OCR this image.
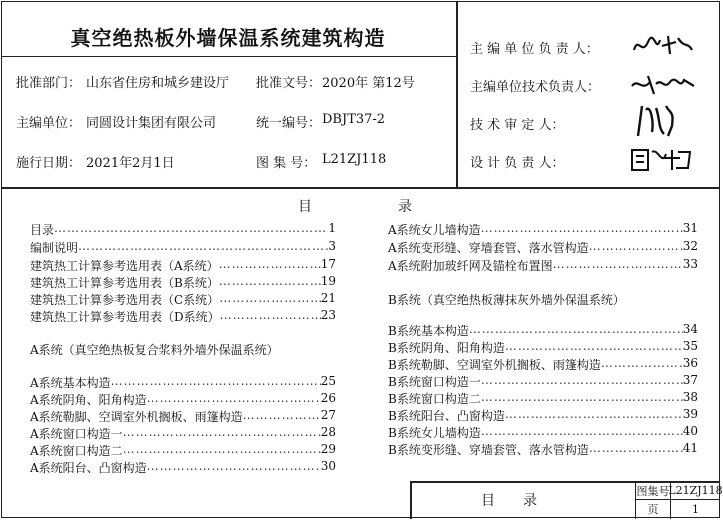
真空绝热板外墙保温系统建筑构造
批准部门： 山东省住房和城乡建设厅 批准文号： 2020年 第12号
主编单位： 同圆设计集团有限公司	统一编号： DBJT37-2
施行日期： 2021年2月1日	图 集 号： L21ZJ118
主 编 单 位 负 责 人：
主编单位技术负责人：
技 术 审 定 人：
设 计 负 责 人：
目	录
目录 …………………………………………………………………………………………………………………………………………	1
编制说明 …………………………………………………………………………………………………………………………………………	3
建筑热工计算参考选用表（A系统） …………………………………………………………………………………………………………………………………………	17
建筑热工计算参考选用表（B系统） …………………………………………………………………………………………………………………………………………	19
建筑热工计算参考选用表（C系统） …………………………………………………………………………………………………………………………………………	21
建筑热工计算参考选用表（D系统） …………………………………………………………………………………………………………………………………………	23
A系统（真空绝热板复合浆料外墙外保温系统）
A系统基本构造 …………………………………………………………………………………………………………………………………………	25
A系统阴角、阳角构造 …………………………………………………………………………………………………………………………………………	26
A系统勒脚、空调室外机搁板、雨篷构造 …………………………………………………………………………………………………………………………………………	27
A系统窗口构造一 …………………………………………………………………………………………………………………………………………	28
A系统窗口构造二 …………………………………………………………………………………………………………………………………………	29
A系统阳台、凸窗构造 …………………………………………………………………………………………………………………………………………	30
A系统女儿墙构造 …………………………………………………………………………………………………………………………………………	31
A系统变形缝、穿墙套管、落水管构造 …………………………………………………………………………………………………………………………………………	32
A系统附加玻纤网及锚栓布置图 …………………………………………………………………………………………………………………………………………	33
B系统（真空绝热板薄抹灰外墙外保温系统）
B系统基本构造 …………………………………………………………………………………………………………………………………………	34
B系统阴角、阳角构造 …………………………………………………………………………………………………………………………………………	35
B系统勒脚、空调室外机搁板、雨篷构造 …………………………………………………………………………………………………………………………………………	36
B系统窗口构造一 …………………………………………………………………………………………………………………………………………	37
B系统窗口构造二 …………………………………………………………………………………………………………………………………………	38
B系统阳台、凸窗构造 …………………………………………………………………………………………………………………………………………	39
B系统女儿墙构造 …………………………………………………………………………………………………………………………………………	40
B系统变形缝、穿墙套管、落水管构造 …………………………………………………………………………………………………………………………………………	41
目录
图集号
L21ZJ118
页	1
